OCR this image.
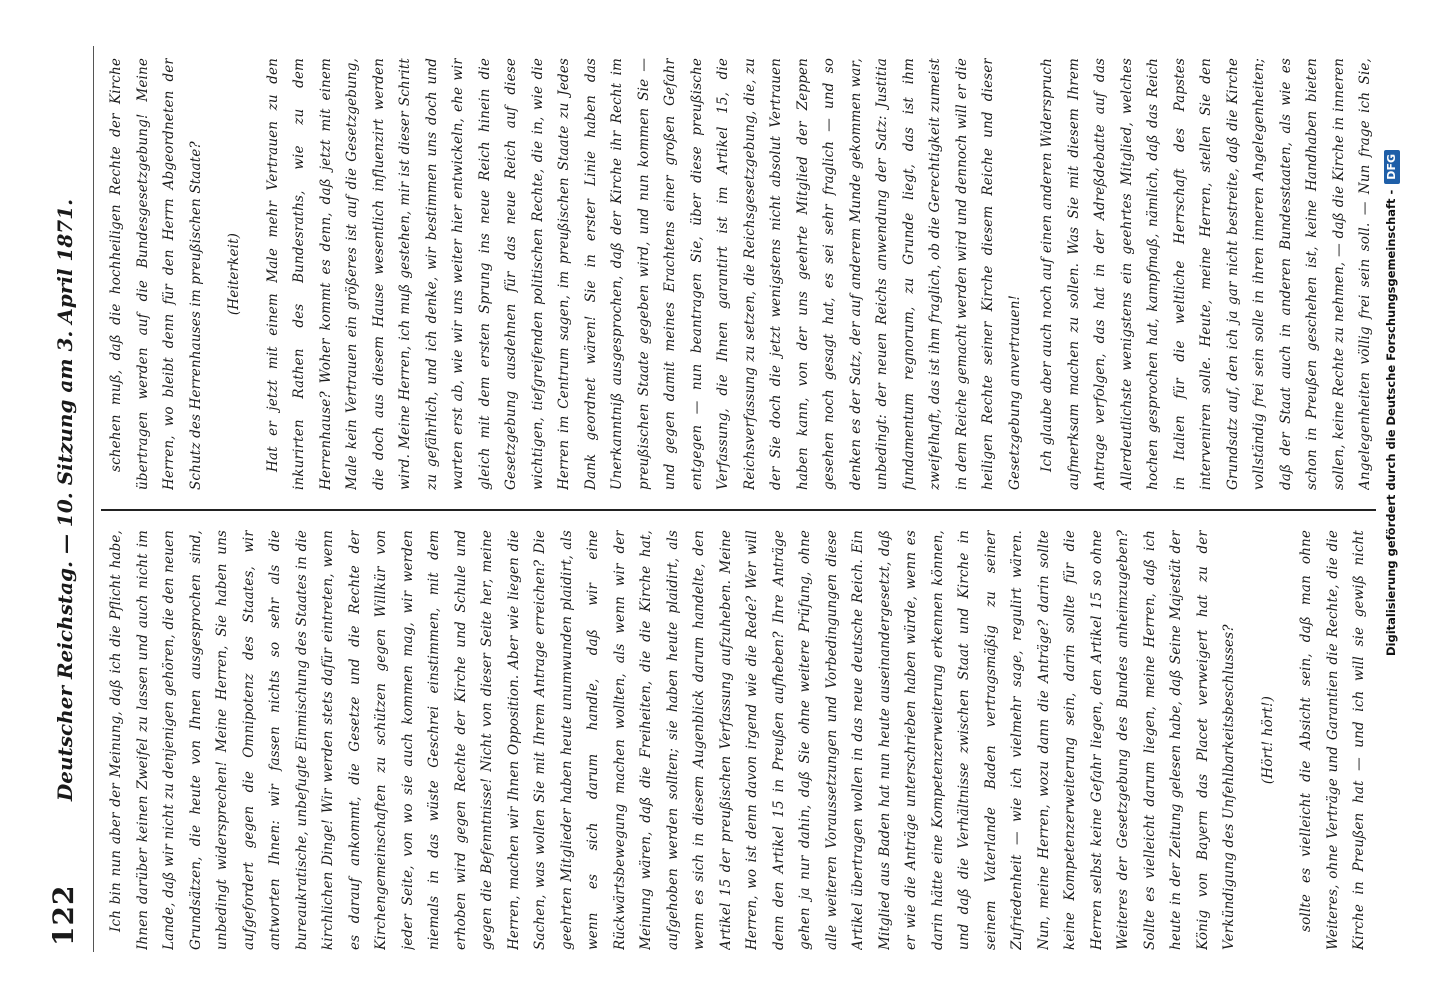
122
Deutscher Reichstag. — 10. Sitzung am 3. April 1871.	Ich bin nun aber der Meinung, daß ich die Pflicht habe, Ihnen darüber keinen Zweifel zu lassen und auch nicht im Lande, daß wir nicht zu denjenigen gehören, die den neuen Grundsätzen, die heute von Ihnen ausgesprochen sind, unbedingt widersprechen! Meine Herren, Sie haben uns aufgefordert gegen die Omnipotenz des Staates, wir antworten Ihnen: wir fassen nichts so sehr als die bureaukratische, unbefugte Einmischung des Staates in die kirchlichen Dinge! Wir werden stets dafür eintreten, wenn es darauf ankommt, die Gesetze und die Rechte der Kirchengemeinschaften zu schützen gegen Willkür von jeder Seite, von wo sie auch kommen mag, wir werden niemals in das wüste Geschrei einstimmen, mit dem erhoben wird gegen Rechte der Kirche und Schule und gegen die Befenntnisse! Nicht von dieser Seite her, meine Herren, machen wir Ihnen Opposition. Aber wie liegen die Sachen, was wollen Sie mit Ihrem Antrage erreichen? Die geehrten Mitglieder haben heute unumwunden plaidirt, als wenn es sich darum handle, daß wir eine Rückwärtsbewegung machen wollten, als wenn wir der Meinung wären, daß die Freiheiten, die die Kirche hat, aufgehoben werden sollten; sie haben heute plaidirt, als wenn es sich in diesem Augenblick darum handelte, den Artikel 15 der preußischen Verfassung aufzuheben. Meine Herren, wo ist denn davon irgend wie die Rede? Wer will denn den Artikel 15 in Preußen aufheben? Ihre Anträge gehen ja nur dahin, daß Sie ohne weitere Prüfung, ohne alle weiteren Voraussetzungen und Vorbedingungen diese Artikel übertragen wollen in das neue deutsche Reich. Ein Mitglied aus Baden hat nun heute auseinandergesetzt, daß er wie die Anträge unterschrieben haben würde, wenn es darin hätte eine Kompetenzerweiterung erkennen können, und daß die Verhältnisse zwischen Staat und Kirche in seinem Vaterlande Baden vertragsmäßig zu seiner Zufriedenheit — wie ich vielmehr sage, regulirt wären. Nun, meine Herren, wozu dann die Anträge? darin sollte keine Kompetenzerweiterung sein, darin sollte für die Herren selbst keine Gefahr liegen, den Artikel 15 so ohne Weiteres der Gesetzgebung des Bundes anheimzugeben? Sollte es vielleicht darum liegen, meine Herren, daß ich heute in der Zeitung gelesen habe, daß Seine Majestät der König von Bayern das Placet verweigert hat zu der Verkündigung des Unfehlbarkeitsbeschlusses?	(Hört! hört!)

sollte es vielleicht die Absicht sein, daß man ohne Weiteres, ohne Verträge und Garantien die Rechte, die die Kirche in Preußen hat — und ich will sie gewiß nicht

schehen muß, daß die hochheiligen Rechte der Kirche übertragen werden auf die Bundesgesetzgebung! Meine Herren, wo bleibt denn für den Herrn Abgeordneten der Schutz des Herrenhauses im preußischen Staate?	(Heiterkeit)	Hat er jetzt mit einem Male mehr Vertrauen zu den inkurirten Rathen des Bundesraths, wie zu dem Herrenhause? Woher kommt es denn, daß jetzt mit einem Male kein Vertrauen ein größeres ist auf die Gesetzgebung, die doch aus diesem Hause wesentlich influenzirt werden wird. Meine Herren, ich muß gestehen, mir ist dieser Schritt zu gefährlich, und ich denke, wir bestimmen uns doch und warten erst ab, wie wir uns weiter hier entwickeln, ehe wir gleich mit dem ersten Sprung ins neue Reich hinein die Gesetzgebung ausdehnen für das neue Reich auf diese wichtigen, tiefgreifenden politischen Rechte, die in, wie die Herren im Centrum sagen, im preußischen Staate zu Jedes Dank geordnet wären! Sie in erster Linie haben das Unerkanntniß ausgesprochen, daß der Kirche ihr Recht im preußischen Staate gegeben wird, und nun kommen Sie — und gegen damit meines Erachtens einer großen Gefahr entgegen — nun beantragen Sie, über diese preußische Verfassung, die Ihnen garantirt ist im Artikel 15, die Reichsverfassung zu setzen, die Reichsgesetzgebung, die, zu der Sie doch die jetzt wenigstens nicht absolut Vertrauen haben kann, von der uns geehrte Mitglied der Zeppen gesehen noch gesagt hat, es sei sehr fraglich — und so denken es der Satz, der auf anderem Munde gekommen war, unbedingt: der neuen Reichs anwendung der Satz: Justitia fundamentum regnorum, zu Grunde liegt, das ist ihm zweifelhaft, das ist ihm fraglich, ob die Gerechtigkeit zumeist in dem Reiche gemacht werden wird und dennoch will er die heiligen Rechte seiner Kirche diesem Reiche und dieser Gesetzgebung anvertrauen!	Ich glaube aber auch noch auf einen anderen Widerspruch aufmerksam machen zu sollen. Was Sie mit diesem Ihrem Antrage verfolgen, das hat in der Adreßdebatte auf das Allerdeutlichste wenigstens ein geehrtes Mitglied, welches hochen gesprochen hat, kampfmaß, nämlich, daß das Reich in Italien für die weltliche Herrschaft des Papstes interveniren solle. Heute, meine Herren, stellen Sie den Grundsatz auf, den ich ja gar nicht bestreite, daß die Kirche vollständig frei sein solle in ihren inneren Angelegenheiten; daß der Staat auch in anderen Bundesstaaten, als wie es schon in Preußen geschehen ist, keine Handhaben bieten sollen, keine Rechte zu nehmen, — daß die Kirche in inneren Angelegenheiten völlig frei sein soll. — Nun frage ich Sie,

Digitalisierung gefördert durch die Deutsche Forschungsgemeinschaft -DFG
